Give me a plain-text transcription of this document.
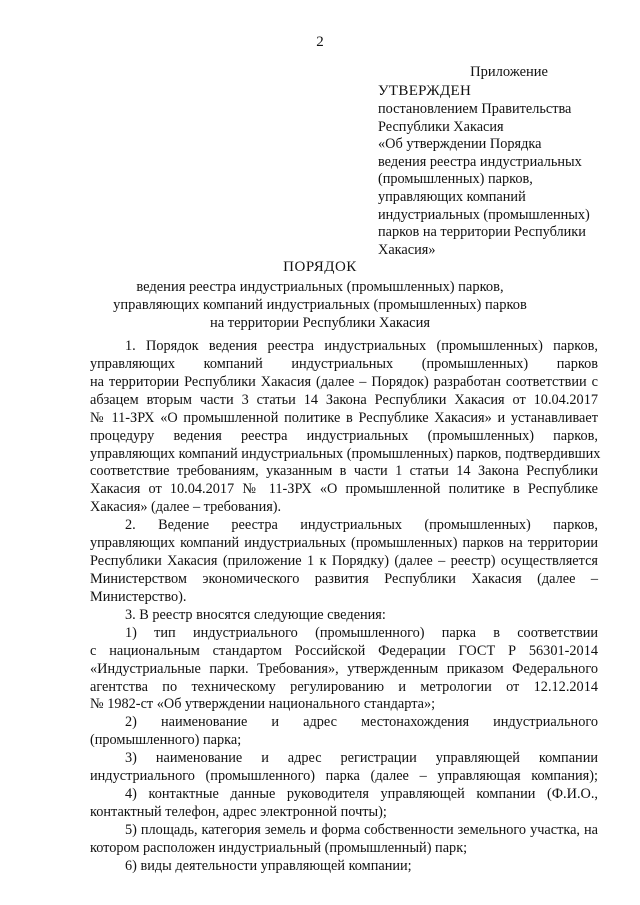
2
Приложение
УТВЕРЖДЕН
постановлением Правительства
Республики Хакасия
«Об утверждении Порядка
ведения реестра индустриальных
(промышленных) парков,
управляющих компаний
индустриальных (промышленных)
парков на территории Республики
Хакасия»
ПОРЯДОК
ведения реестра индустриальных (промышленных) парков,
управляющих компаний индустриальных (промышленных) парков
на территории Республики Хакасия
1. Порядок ведения реестра индустриальных (промышленных) парков,
управляющих компаний индустриальных (промышленных) парков
на территории Республики Хакасия (далее – Порядок) разработан соответствии с
абзацем вторым части 3 статьи 14 Закона Республики Хакасия от 10.04.2017
№ 11-ЗРХ «О промышленной политике в Республике Хакасия» и устанавливает
процедуру ведения реестра индустриальных (промышленных) парков,
управляющих компаний индустриальных (промышленных) парков, подтвердивших
соответствие требованиям, указанным в части 1 статьи 14 Закона Республики
Хакасия от 10.04.2017 № 11-ЗРХ «О промышленной политике в Республике
Хакасия» (далее – требования).
2. Ведение реестра индустриальных (промышленных) парков,
управляющих компаний индустриальных (промышленных) парков на территории
Республики Хакасия (приложение 1 к Порядку) (далее – реестр) осуществляется
Министерством экономического развития Республики Хакасия (далее –
Министерство).
3. В реестр вносятся следующие сведения:
1) тип индустриального (промышленного) парка в соответствии
с национальным стандартом Российской Федерации ГОСТ Р 56301-2014
«Индустриальные парки. Требования», утвержденным приказом Федерального
агентства по техническому регулированию и метрологии от 12.12.2014
№ 1982-ст «Об утверждении национального стандарта»;
2) наименование и адрес местонахождения индустриального
(промышленного) парка;
3) наименование и адрес регистрации управляющей компании
индустриального (промышленного) парка (далее – управляющая компания);
4) контактные данные руководителя управляющей компании (Ф.И.О.,
контактный телефон, адрес электронной почты);
5) площадь, категория земель и форма собственности земельного участка, на
котором расположен индустриальный (промышленный) парк;
6) виды деятельности управляющей компании;
